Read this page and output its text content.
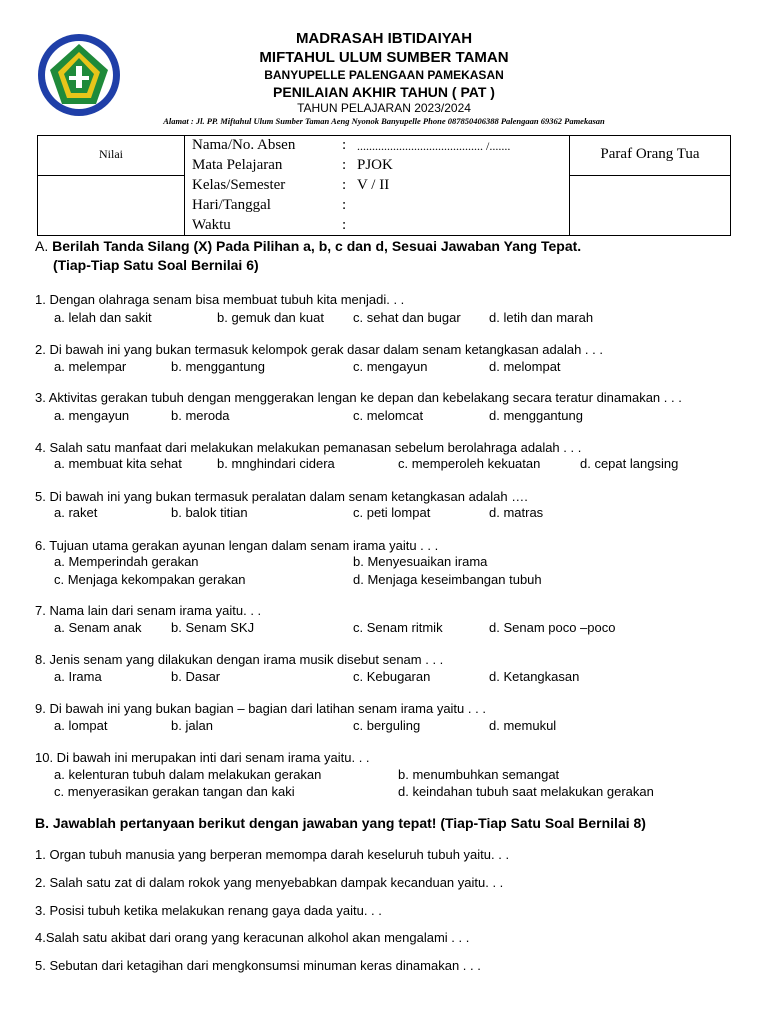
MADRASAH IBTIDAIYAH
MIFTAHUL ULUM SUMBER TAMAN
BANYUPELLE PALENGAAN PAMEKASAN
PENILAIAN AKHIR TAHUN ( PAT )
TAHUN PELAJARAN 2023/2024
Alamat : Jl. PP. Miftahul Ulum Sumber Taman Aeng Nyonok Banyupelle Phone 087850406388 Palengaan 69362 Pamekasan
Nilai	Paraf Orang Tua
Nama/No. Absen	: .......................................... /.......
Mata Pelajaran	: PJOK
Kelas/Semester	: V / II
Hari/Tanggal	:
Waktu	:
A. Berilah Tanda Silang (X) Pada Pilihan a, b, c dan d, Sesuai Jawaban Yang Tepat.
(Tiap-Tiap Satu Soal Bernilai 6)
1. Dengan olahraga senam bisa membuat tubuh kita menjadi. . .
a. lelah dan sakit	b. gemuk dan kuat c. sehat dan bugar d. letih dan marah
2. Di bawah ini yang bukan termasuk kelompok gerak dasar dalam senam ketangkasan adalah . . .
a. melempar	b. menggantung	c. mengayun	d. melompat
3. Aktivitas gerakan tubuh dengan menggerakan lengan ke depan dan kebelakang secara teratur dinamakan . . .
a. mengayun	b. meroda	c. melomcat	d. menggantung
4. Salah satu manfaat dari melakukan melakukan pemanasan sebelum berolahraga adalah . . .
a. membuat kita sehat	b. mnghindari cidera	c. memperoleh kekuatan	d. cepat langsing
5. Di bawah ini yang bukan termasuk peralatan dalam senam ketangkasan adalah ….
a. raket	b. balok titian	c. peti lompat	d. matras
6. Tujuan utama gerakan ayunan lengan dalam senam irama yaitu . . .
a. Memperindah gerakan	b. Menyesuaikan irama
c. Menjaga kekompakan gerakan	d. Menjaga keseimbangan tubuh
7. Nama lain dari senam irama yaitu. . .
a. Senam anak b. Senam SKJ	c. Senam ritmik	d. Senam poco –poco
8. Jenis senam yang dilakukan dengan irama musik disebut senam . . .
a. Irama	b. Dasar	c. Kebugaran	d. Ketangkasan
9. Di bawah ini yang bukan bagian – bagian dari latihan senam irama yaitu . . .
a. lompat	b. jalan	c. berguling	d. memukul
10. Di bawah ini merupakan inti dari senam irama yaitu. . .
a. kelenturan tubuh dalam melakukan gerakan	b. menumbuhkan semangat
c. menyerasikan gerakan tangan dan kaki	d. keindahan tubuh saat melakukan gerakan
B. Jawablah pertanyaan berikut dengan jawaban yang tepat! (Tiap-Tiap Satu Soal Bernilai 8)
1. Organ tubuh manusia yang berperan memompa darah keseluruh tubuh yaitu. . .
2. Salah satu zat di dalam rokok yang menyebabkan dampak kecanduan yaitu. . .
3. Posisi tubuh ketika melakukan renang gaya dada yaitu. . .
4.Salah satu akibat dari orang yang keracunan alkohol akan mengalami . . .
5. Sebutan dari ketagihan dari mengkonsumsi minuman keras dinamakan . . .
